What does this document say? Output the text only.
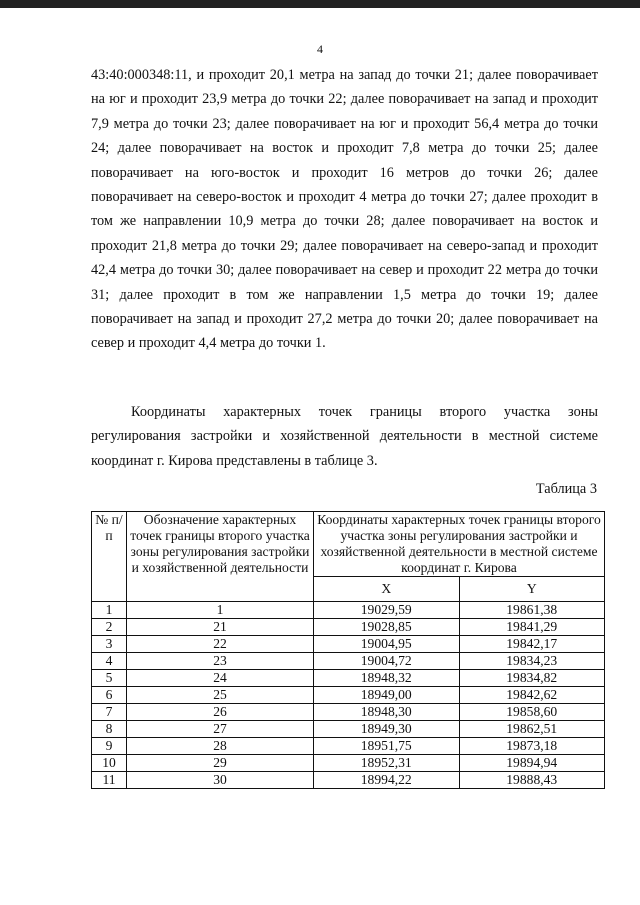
4
43:40:000348:11, и проходит 20,1 метра на запад до точки 21; далее поворачивает на юг и проходит 23,9 метра до точки 22; далее поворачивает на запад и проходит 7,9 метра до точки 23; далее поворачивает на юг и проходит 56,4 метра до точки 24; далее поворачивает на восток и проходит 7,8 метра до точки 25; далее поворачивает на юго-восток и проходит 16 метров до точки 26; далее поворачивает на северо-восток и проходит 4 метра до точки 27; далее проходит в том же направлении 10,9 метра до точки 28; далее поворачивает на восток и проходит 21,8 метра до точки 29; далее поворачивает на северо-запад и проходит 42,4 метра до точки 30; далее поворачивает на север и проходит 22 метра до точки 31; далее проходит в том же направлении 1,5 метра до точки 19; далее поворачивает на запад и проходит 27,2 метра до точки 20; далее поворачивает на север и проходит 4,4 метра до точки 1.
Координаты характерных точек границы второго участка зоны регулирования застройки и хозяйственной деятельности в местной системе координат г. Кирова представлены в таблице 3.
Таблица 3
№ п/п	Обозначение характерных точек границы второго участка зоны регулирования застройки и хозяйственной деятельности	Координаты характерных точек границы второго участка зоны регулирования застройки и хозяйственной деятельности в местной системе координат г. Кирова	
		X	Y
1	1	19029,59	19861,38
2	21	19028,85	19841,29
3	22	19004,95	19842,17
4	23	19004,72	19834,23
5	24	18948,32	19834,82
6	25	18949,00	19842,62
7	26	18948,30	19858,60
8	27	18949,30	19862,51
9	28	18951,75	19873,18
10	29	18952,31	19894,94
11	30	18994,22	19888,43
